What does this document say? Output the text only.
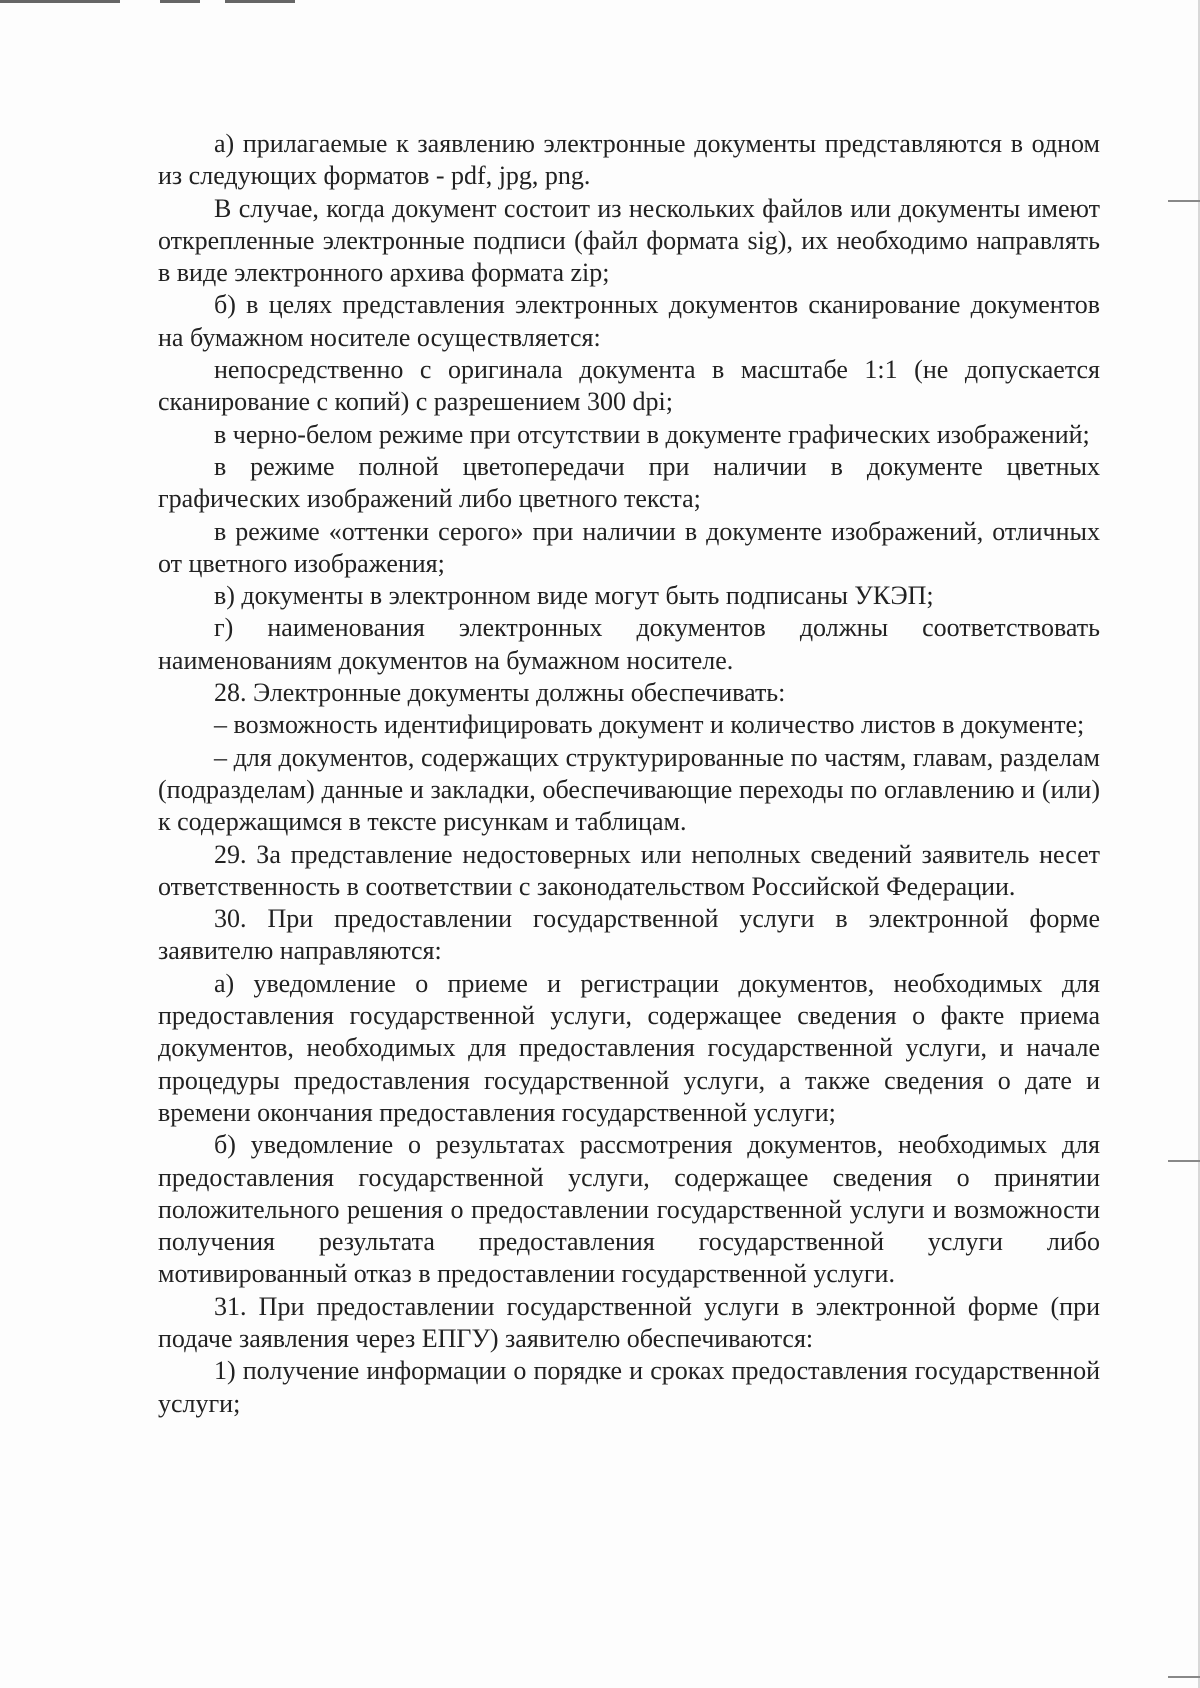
а) прилагаемые к заявлению электронные документы представляются в одном из следующих форматов - pdf, jpg, png.

В случае, когда документ состоит из нескольких файлов или документы имеют открепленные электронные подписи (файл формата sig), их необходимо направлять в виде электронного архива формата zip;

б) в целях представления электронных документов сканирование документов на бумажном носителе осуществляется:

непосредственно с оригинала документа в масштабе 1:1 (не допускается сканирование с копий) с разрешением 300 dpi;

в черно-белом режиме при отсутствии в документе графических изображений;

в режиме полной цветопередачи при наличии в документе цветных графических изображений либо цветного текста;

в режиме «оттенки серого» при наличии в документе изображений, отличных от цветного изображения;

в) документы в электронном виде могут быть подписаны УКЭП;

г) наименования электронных документов должны соответствовать наименованиям документов на бумажном носителе.

28. Электронные документы должны обеспечивать:

– возможность идентифицировать документ и количество листов в документе;

– для документов, содержащих структурированные по частям, главам, разделам (подразделам) данные и закладки, обеспечивающие переходы по оглавлению и (или) к содержащимся в тексте рисункам и таблицам.

29. За представление недостоверных или неполных сведений заявитель несет ответственность в соответствии с законодательством Российской Федерации.

30. При предоставлении государственной услуги в электронной форме заявителю направляются:

а) уведомление о приеме и регистрации документов, необходимых для предоставления государственной услуги, содержащее сведения о факте приема документов, необходимых для предоставления государственной услуги, и начале процедуры предоставления государственной услуги, а также сведения о дате и времени окончания предоставления государственной услуги;

б) уведомление о результатах рассмотрения документов, необходимых для предоставления государственной услуги, содержащее сведения о принятии положительного решения о предоставлении государственной услуги и возможности получения результата предоставления государственной услуги либо мотивированный отказ в предоставлении государственной услуги.

31. При предоставлении государственной услуги в электронной форме (при подаче заявления через ЕПГУ) заявителю обеспечиваются:

1) получение информации о порядке и сроках предоставления государственной услуги;
